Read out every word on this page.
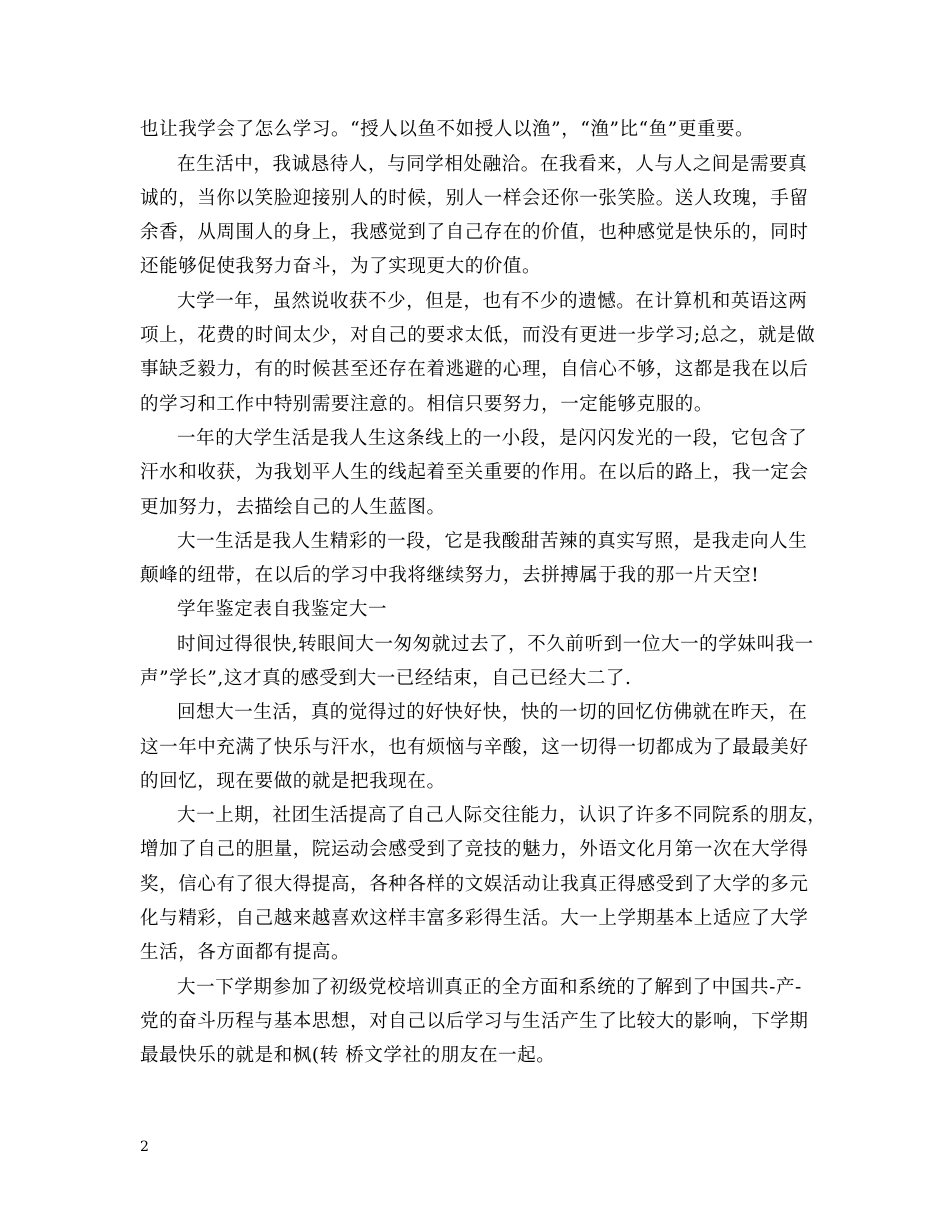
也让我学会了怎么学习。“授人以鱼不如授人以渔”，“渔”比“鱼”更重要。
在生活中，我诚恳待人，与同学相处融洽。在我看来，人与人之间是需要真
诚的，当你以笑脸迎接别人的时候，别人一样会还你一张笑脸。送人玫瑰，手留
余香，从周围人的身上，我感觉到了自己存在的价值，也种感觉是快乐的，同时
还能够促使我努力奋斗，为了实现更大的价值。
大学一年，虽然说收获不少，但是，也有不少的遗憾。在计算机和英语这两
项上，花费的时间太少，对自己的要求太低，而没有更进一步学习;总之，就是做
事缺乏毅力，有的时候甚至还存在着逃避的心理，自信心不够，这都是我在以后
的学习和工作中特别需要注意的。相信只要努力，一定能够克服的。
一年的大学生活是我人生这条线上的一小段，是闪闪发光的一段，它包含了
汗水和收获，为我划平人生的线起着至关重要的作用。在以后的路上，我一定会
更加努力，去描绘自己的人生蓝图。
大一生活是我人生精彩的一段，它是我酸甜苦辣的真实写照，是我走向人生
颠峰的纽带，在以后的学习中我将继续努力，去拼搏属于我的那一片天空!
学年鉴定表自我鉴定大一
时间过得很快,转眼间大一匆匆就过去了，不久前听到一位大一的学妹叫我一
声”学长”,这才真的感受到大一已经结束，自己已经大二了.
回想大一生活，真的觉得过的好快好快，快的一切的回忆仿佛就在昨天，在
这一年中充满了快乐与汗水，也有烦恼与辛酸，这一切得一切都成为了最最美好
的回忆，现在要做的就是把我现在。
大一上期，社团生活提高了自己人际交往能力，认识了许多不同院系的朋友，
增加了自己的胆量，院运动会感受到了竞技的魅力，外语文化月第一次在大学得
奖，信心有了很大得提高，各种各样的文娱活动让我真正得感受到了大学的多元
化与精彩，自己越来越喜欢这样丰富多彩得生活。大一上学期基本上适应了大学
生活，各方面都有提高。
大一下学期参加了初级党校培训真正的全方面和系统的了解到了中国共-产-
党的奋斗历程与基本思想，对自己以后学习与生活产生了比较大的影响，下学期
最最快乐的就是和枫(转 桥文学社的朋友在一起。
2
